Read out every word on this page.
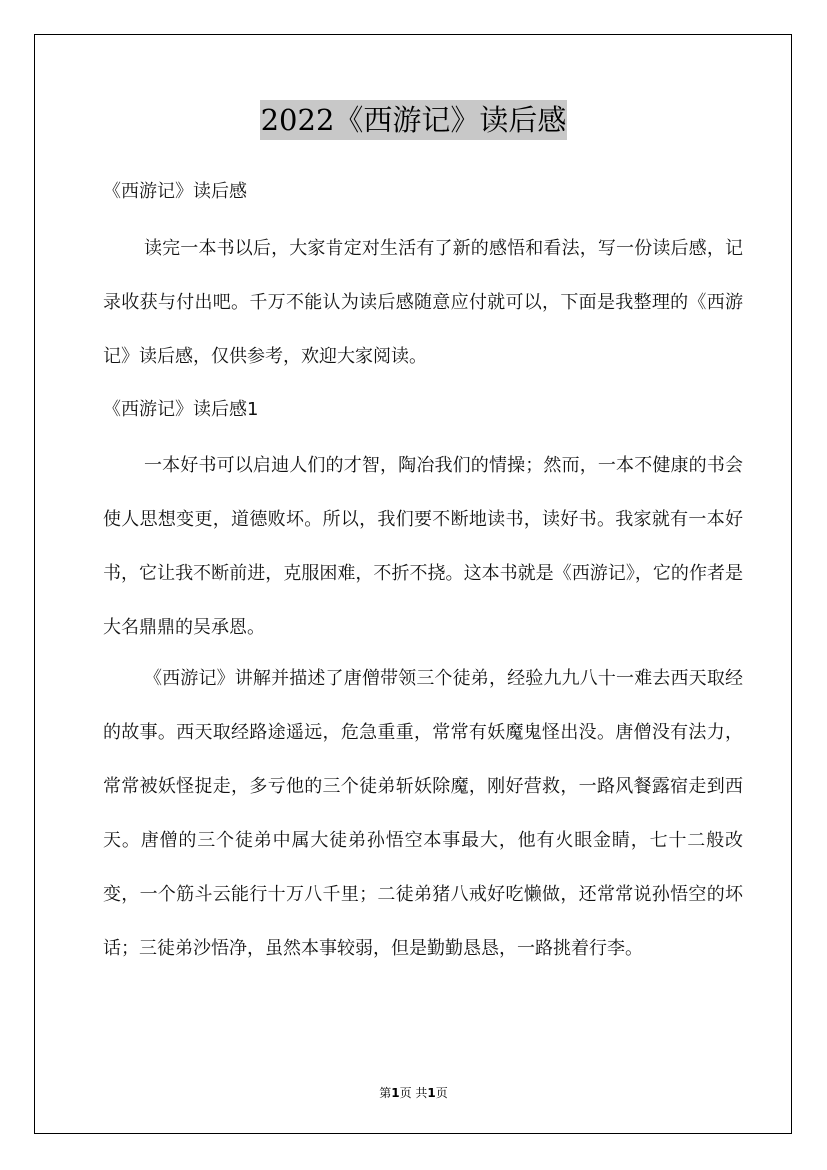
2022《西游记》读后感

《西游记》读后感

读完一本书以后，大家肯定对生活有了新的感悟和看法，写一份读后感，记录收获与付出吧。千万不能认为读后感随意应付就可以，下面是我整理的《西游记》读后感，仅供参考，欢迎大家阅读。

《西游记》读后感1

一本好书可以启迪人们的才智，陶冶我们的情操；然而，一本不健康的书会使人思想变更，道德败坏。所以，我们要不断地读书，读好书。我家就有一本好书，它让我不断前进，克服困难，不折不挠。这本书就是《西游记》，它的作者是大名鼎鼎的吴承恩。

《西游记》讲解并描述了唐僧带领三个徒弟，经验九九八十一难去西天取经的故事。西天取经路途遥远，危急重重，常常有妖魔鬼怪出没。唐僧没有法力，常常被妖怪捉走，多亏他的三个徒弟斩妖除魔，刚好营救，一路风餐露宿走到西天。唐僧的三个徒弟中属大徒弟孙悟空本事最大，他有火眼金睛，七十二般改变，一个筋斗云能行十万八千里；二徒弟猪八戒好吃懒做，还常常说孙悟空的坏话；三徒弟沙悟净，虽然本事较弱，但是勤勤恳恳，一路挑着行李。

第1页 共1页
